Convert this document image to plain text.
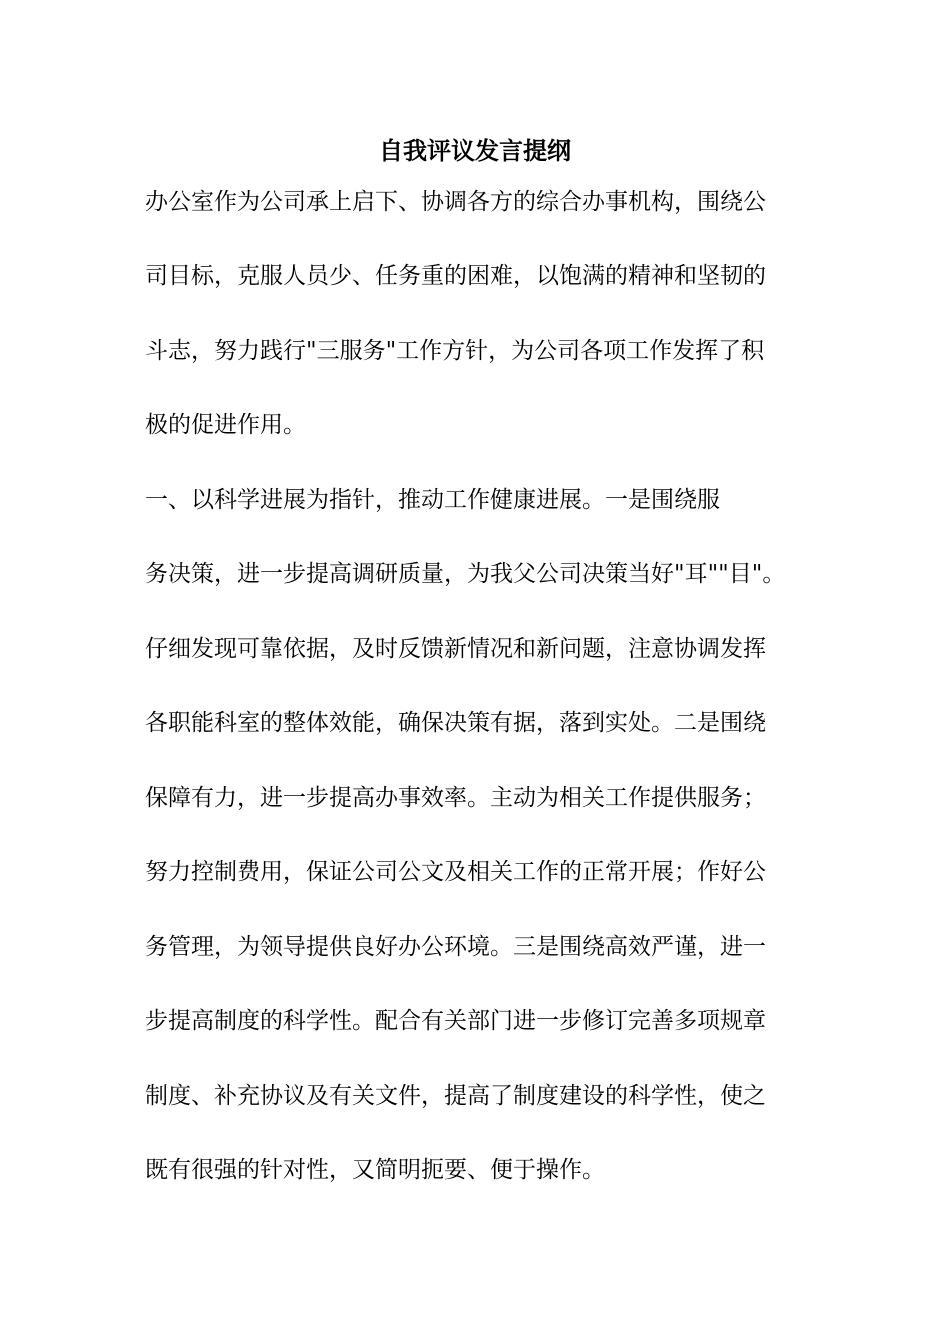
自我评议发言提纲
办公室作为公司承上启下、协调各方的综合办事机构，围绕公
司目标，克服人员少、任务重的困难，以饱满的精神和坚韧的
斗志，努力践行"三服务"工作方针，为公司各项工作发挥了积
极的促进作用。
一、以科学进展为指针，推动工作健康进展。一是围绕服
务决策，进一步提高调研质量，为我父公司决策当好"耳""目"。
仔细发现可靠依据，及时反馈新情况和新问题，注意协调发挥
各职能科室的整体效能，确保决策有据，落到实处。二是围绕
保障有力，进一步提高办事效率。主动为相关工作提供服务；
努力控制费用，保证公司公文及相关工作的正常开展；作好公
务管理，为领导提供良好办公环境。三是围绕高效严谨，进一
步提高制度的科学性。配合有关部门进一步修订完善多项规章
制度、补充协议及有关文件，提高了制度建设的科学性，使之
既有很强的针对性，又简明扼要、便于操作。
